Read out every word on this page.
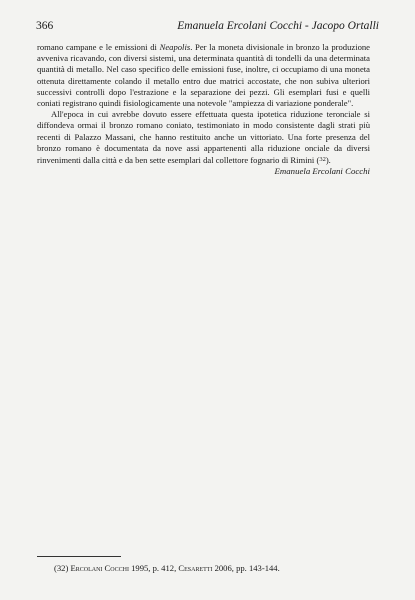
366	Emanuela Ercolani Cocchi - Jacopo Ortalli

romano campane e le emissioni di Neapolis. Per la moneta divisionale in bronzo la produzione avveniva ricavando, con diversi sistemi, una determinata quantità di tondelli da una determinata quantità di metallo. Nel caso specifico delle emissioni fuse, inoltre, ci occupiamo di una moneta ottenuta direttamente colando il metallo entro due matrici accostate, che non subiva ulteriori successivi controlli dopo l'estrazione e la separazione dei pezzi. Gli esemplari fusi e quelli coniati registrano quindi fisiologicamente una notevole "ampiezza di variazione ponderale".

All'epoca in cui avrebbe dovuto essere effettuata questa ipotetica riduzione teronciale si diffondeva ormai il bronzo romano coniato, testimoniato in modo consistente dagli strati più recenti di Palazzo Massani, che hanno restituito anche un vittoriato. Una forte presenza del bronzo romano è documentata da nove assi appartenenti alla riduzione onciale da diversi rinvenimenti dalla città e da ben sette esemplari dal collettore fognario di Rimini ($^{32}$).

Emanuela Ercolani Cocchi

(32) Ercolani Cocchi 1995, p. 412, Cesaretti 2006, pp. 143-144.
